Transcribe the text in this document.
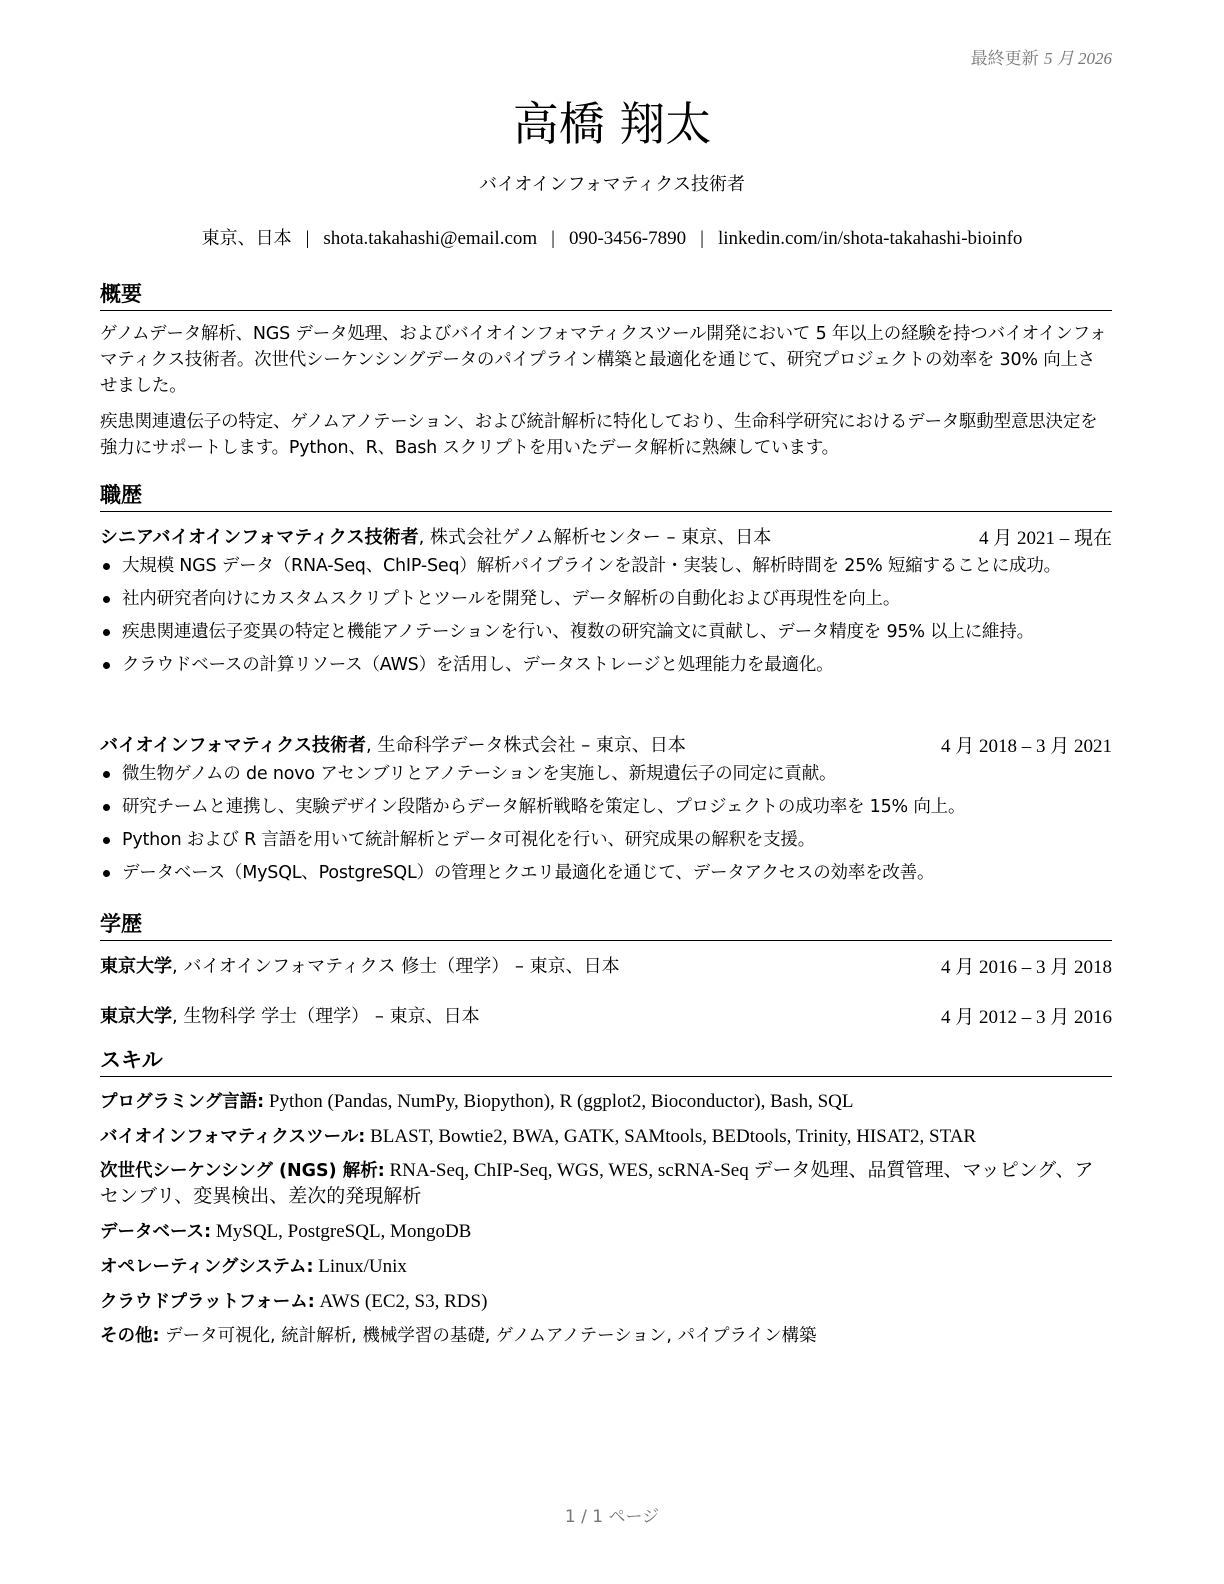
最終更新 5 月 2026
高橋 翔太
バイオインフォマティクス技術者
東京、日本 | shota.takahashi@email.com | 090-3456-7890 | linkedin.com/in/shota-takahashi-bioinfo
概要

ゲノムデータ解析、NGS データ処理、およびバイオインフォマティクスツール開発において 5 年以上の経験を持つバイオインフォマティクス技術者。次世代シーケンシングデータのパイプライン構築と最適化を通じて、研究プロジェクトの効率を 30% 向上させました。

疾患関連遺伝子の特定、ゲノムアノテーション、および統計解析に特化しており、生命科学研究におけるデータ駆動型意思決定を強力にサポートします。Python、R、Bash スクリプトを用いたデータ解析に熟練しています。

職歴
シニアバイオインフォマティクス技術者, 株式会社ゲノム解析センター – 東京、日本	4 月 2021 – 現在
大規模 NGS データ（RNA-Seq、ChIP-Seq）解析パイプラインを設計・実装し、解析時間を 25% 短縮することに成功。
社内研究者向けにカスタムスクリプトとツールを開発し、データ解析の自動化および再現性を向上。
疾患関連遺伝子変異の特定と機能アノテーションを行い、複数の研究論文に貢献し、データ精度を 95% 以上に維持。
クラウドベースの計算リソース（AWS）を活用し、データストレージと処理能力を最適化。
バイオインフォマティクス技術者, 生命科学データ株式会社 – 東京、日本	4 月 2018 – 3 月 2021
微生物ゲノムの de novo アセンブリとアノテーションを実施し、新規遺伝子の同定に貢献。
研究チームと連携し、実験デザイン段階からデータ解析戦略を策定し、プロジェクトの成功率を 15% 向上。
Python および R 言語を用いて統計解析とデータ可視化を行い、研究成果の解釈を支援。
データベース（MySQL、PostgreSQL）の管理とクエリ最適化を通じて、データアクセスの効率を改善。
学歴
東京大学, バイオインフォマティクス 修士（理学） – 東京、日本	4 月 2016 – 3 月 2018
東京大学, 生物科学 学士（理学） – 東京、日本	4 月 2012 – 3 月 2016
スキル
プログラミング言語: Python (Pandas, NumPy, Biopython), R (ggplot2, Bioconductor), Bash, SQL
バイオインフォマティクスツール: BLAST, Bowtie2, BWA, GATK, SAMtools, BEDtools, Trinity, HISAT2, STAR
次世代シーケンシング (NGS) 解析: RNA-Seq, ChIP-Seq, WGS, WES, scRNA-Seq データ処理、品質管理、マッピング、アセンブリ、変異検出、差次的発現解析
データベース: MySQL, PostgreSQL, MongoDB
オペレーティングシステム: Linux/Unix
クラウドプラットフォーム: AWS (EC2, S3, RDS)
その他: データ可視化, 統計解析, 機械学習の基礎, ゲノムアノテーション, パイプライン構築
1 / 1 ページ
